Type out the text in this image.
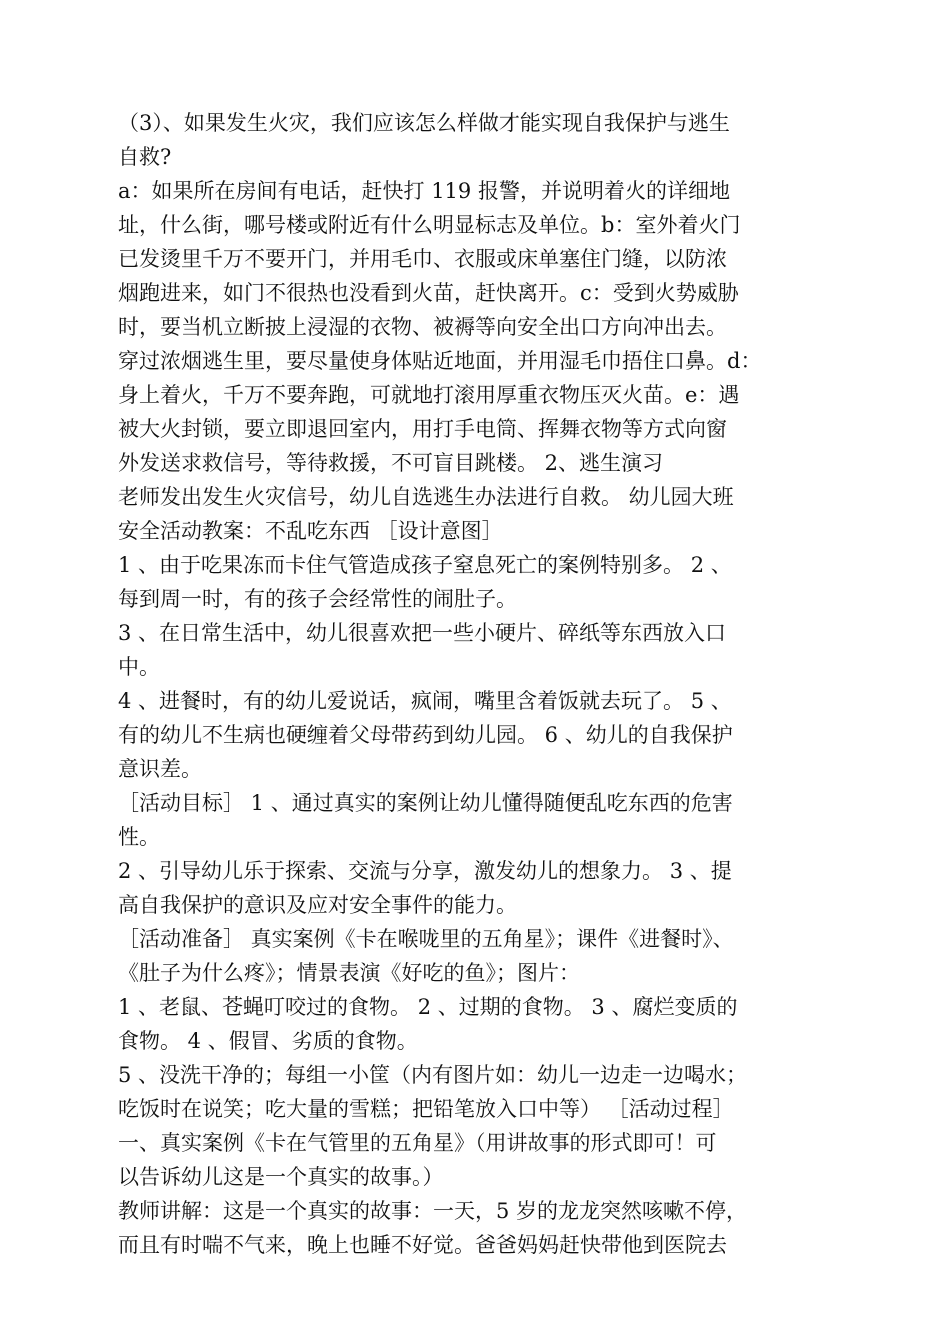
（3）、如果发生火灾，我们应该怎么样做才能实现自我保护与逃生
自救?
a：如果所在房间有电话，赶快打 119 报警，并说明着火的详细地
址，什么街，哪号楼或附近有什么明显标志及单位。b：室外着火门
已发烫里千万不要开门，并用毛巾、衣服或床单塞住门缝，以防浓
烟跑进来，如门不很热也没看到火苗，赶快离开。c：受到火势威胁
时，要当机立断披上浸湿的衣物、被褥等向安全出口方向冲出去。
穿过浓烟逃生里，要尽量使身体贴近地面，并用湿毛巾捂住口鼻。d：
身上着火，千万不要奔跑，可就地打滚用厚重衣物压灭火苗。e：遇
被大火封锁，要立即退回室内，用打手电筒、挥舞衣物等方式向窗
外发送求救信号，等待救援，不可盲目跳楼。 2、逃生演习
老师发出发生火灾信号，幼儿自选逃生办法进行自救。 幼儿园大班
安全活动教案：不乱吃东西 ［设计意图］
1 、由于吃果冻而卡住气管造成孩子窒息死亡的案例特别多。 2 、
每到周一时，有的孩子会经常性的闹肚子。
3 、在日常生活中，幼儿很喜欢把一些小硬片、碎纸等东西放入口
中。
4 、进餐时，有的幼儿爱说话，疯闹，嘴里含着饭就去玩了。 5 、
有的幼儿不生病也硬缠着父母带药到幼儿园。 6 、幼儿的自我保护
意识差。
［活动目标］ 1 、通过真实的案例让幼儿懂得随便乱吃东西的危害
性。
2 、引导幼儿乐于探索、交流与分享，激发幼儿的想象力。 3 、提
高自我保护的意识及应对安全事件的能力。
［活动准备］ 真实案例《卡在喉咙里的五角星》；课件《进餐时》、
《肚子为什么疼》；情景表演《好吃的鱼》；图片：
1 、老鼠、苍蝇叮咬过的食物。 2 、过期的食物。 3 、腐烂变质的
食物。 4 、假冒、劣质的食物。
5 、没洗干净的；每组一小筐（内有图片如：幼儿一边走一边喝水；
吃饭时在说笑；吃大量的雪糕；把铅笔放入口中等） ［活动过程］
一、真实案例《卡在气管里的五角星》（用讲故事的形式即可！可
以告诉幼儿这是一个真实的故事。）
教师讲解：这是一个真实的故事：一天，5 岁的龙龙突然咳嗽不停，
而且有时喘不气来，晚上也睡不好觉。爸爸妈妈赶快带他到医院去
